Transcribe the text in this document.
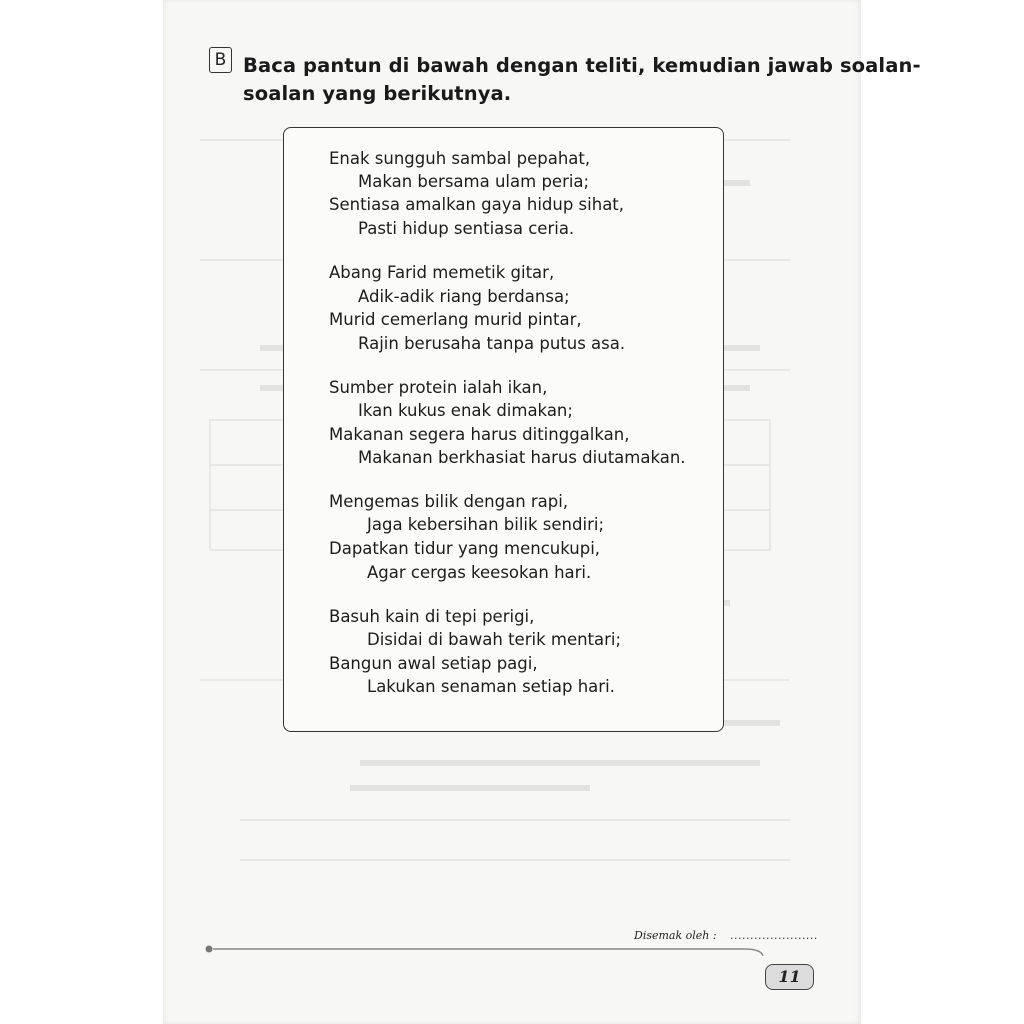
B Baca pantun di bawah dengan teliti, kemudian jawab soalan-
soalan yang berikutnya.
Enak sungguh sambal pepahat,
Makan bersama ulam peria;
Sentiasa amalkan gaya hidup sihat,
Pasti hidup sentiasa ceria.
Abang Farid memetik gitar,
Adik-adik riang berdansa;
Murid cemerlang murid pintar,
Rajin berusaha tanpa putus asa.
Sumber protein ialah ikan,
Ikan kukus enak dimakan;
Makanan segera harus ditinggalkan,
Makanan berkhasiat harus diutamakan.
Mengemas bilik dengan rapi,
Jaga kebersihan bilik sendiri;
Dapatkan tidur yang mencukupi,
Agar cergas keesokan hari.
Basuh kain di tepi perigi,
Disidai di bawah terik mentari;
Bangun awal setiap pagi,
Lakukan senaman setiap hari.
Disemak oleh : ......................
11
